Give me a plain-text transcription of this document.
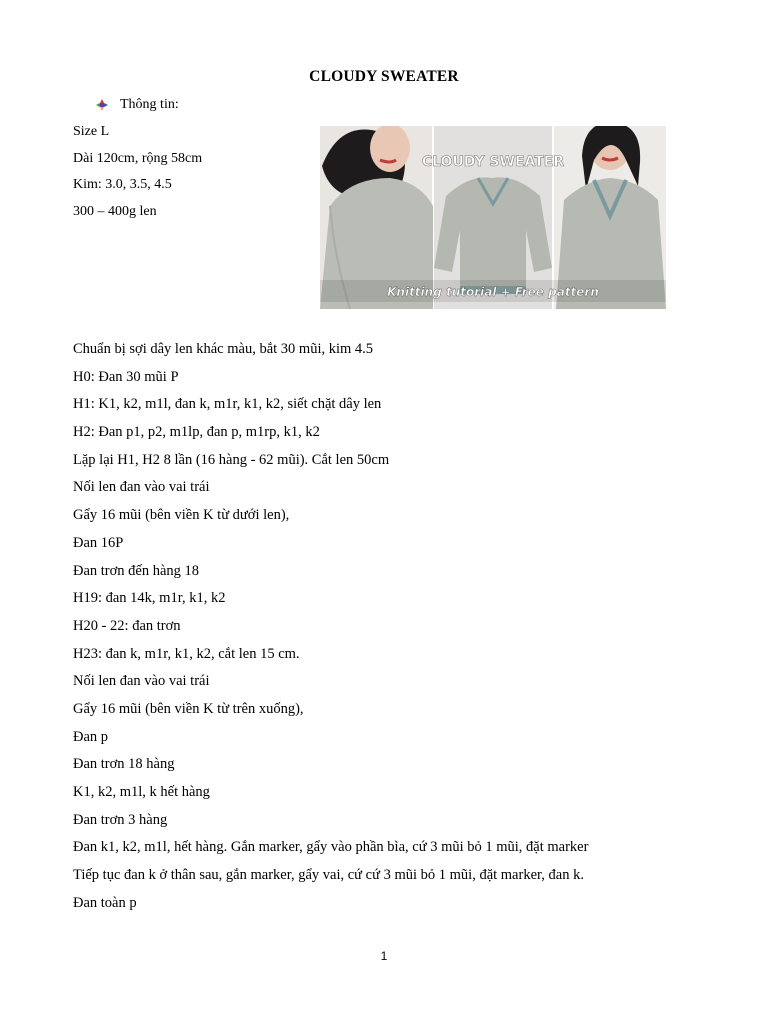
CLOUDY SWEATER
Thông tin:
Size L
Dài 120cm, rộng 58cm
Kim: 3.0, 3.5, 4.5
300 – 400g len
CLOUDY SWEATER
Knitting tutorial + Free pattern
Chuẩn bị sợi dây len khác màu, bắt 30 mũi, kim 4.5
H0: Đan 30 mũi P
H1: K1, k2, m1l, đan k, m1r, k1, k2, siết chặt dây len
H2: Đan p1, p2, m1lp, đan p, m1rp, k1, k2
Lặp lại H1, H2 8 lần (16 hàng - 62 mũi). Cắt len 50cm
Nối len đan vào vai trái
Gẩy 16 mũi (bên viền K từ dưới len),
Đan 16P
Đan trơn đến hàng 18
H19: đan 14k, m1r, k1, k2
H20 - 22: đan trơn
H23: đan k, m1r, k1, k2, cắt len 15 cm.
Nối len đan vào vai trái
Gẩy 16 mũi (bên viền K từ trên xuống),
Đan p
Đan trơn 18 hàng
K1, k2, m1l, k hết hàng
Đan trơn 3 hàng
Đan k1, k2, m1l, hết hàng. Gắn marker, gẩy vào phần bìa, cứ 3 mũi bỏ 1 mũi, đặt marker
Tiếp tục đan k ở thân sau, gắn marker, gẩy vai, cứ cứ 3 mũi bỏ 1 mũi, đặt marker, đan k.
Đan toàn p
1
